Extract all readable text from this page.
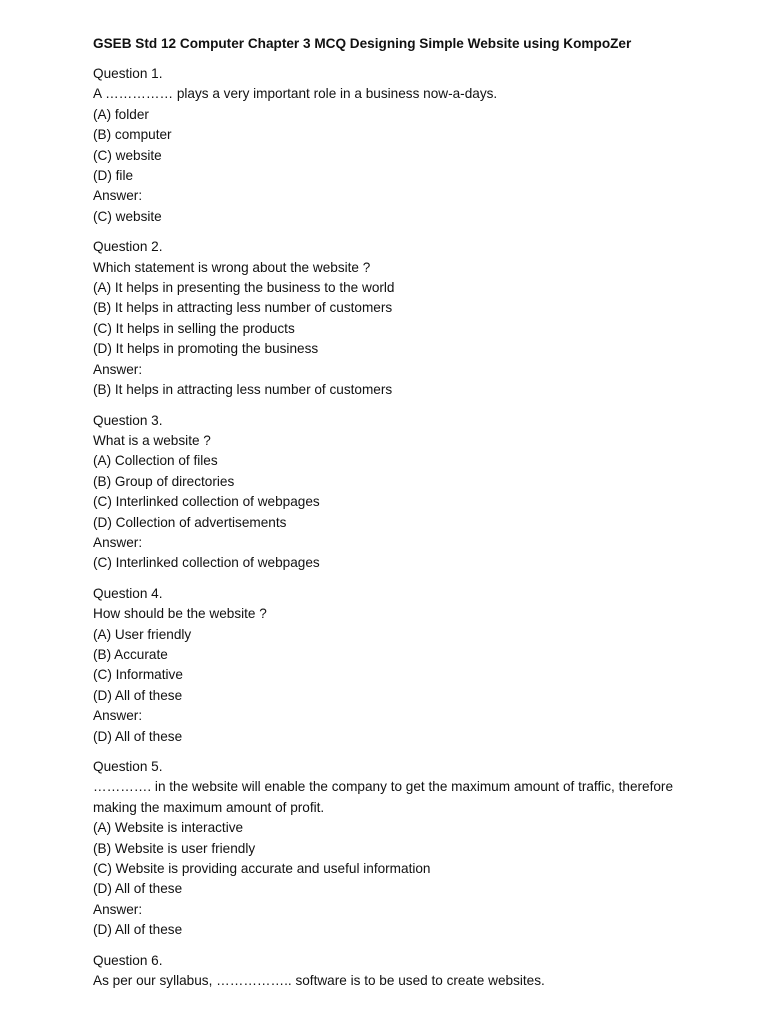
GSEB Std 12 Computer Chapter 3 MCQ Designing Simple Website using KompoZer
Question 1.
A …………… plays a very important role in a business now-a-days.
(A) folder
(B) computer
(C) website
(D) file
Answer:
(C) website
Question 2.
Which statement is wrong about the website ?
(A) It helps in presenting the business to the world
(B) It helps in attracting less number of customers
(C) It helps in selling the products
(D) It helps in promoting the business
Answer:
(B) It helps in attracting less number of customers
Question 3.
What is a website ?
(A) Collection of files
(B) Group of directories
(C) Interlinked collection of webpages
(D) Collection of advertisements
Answer:
(C) Interlinked collection of webpages
Question 4.
How should be the website ?
(A) User friendly
(B) Accurate
(C) Informative
(D) All of these
Answer:
(D) All of these
Question 5.
…………. in the website will enable the company to get the maximum amount of traffic, therefore making the maximum amount of profit.
(A) Website is interactive
(B) Website is user friendly
(C) Website is providing accurate and useful information
(D) All of these
Answer:
(D) All of these
Question 6.
As per our syllabus, …………….. software is to be used to create websites.
